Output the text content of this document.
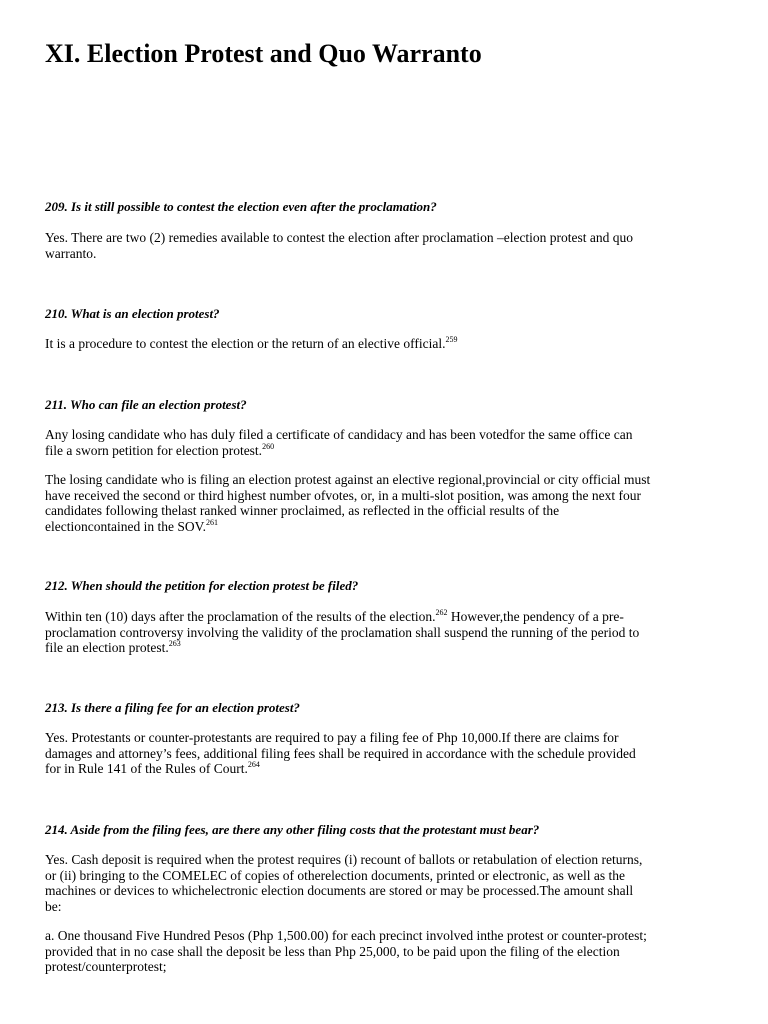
XI. Election Protest and Quo Warranto

209. Is it still possible to contest the election even after the proclamation?

Yes. There are two (2) remedies available to contest the election after proclamation –election protest and quo
warranto.

210. What is an election protest?

It is a procedure to contest the election or the return of an elective official.$^{259}$

211. Who can file an election protest?

Any losing candidate who has duly filed a certificate of candidacy and has been votedfor the same office can
file a sworn petition for election protest.$^{260}$

The losing candidate who is filing an election protest against an elective regional,provincial or city official must
have received the second or third highest number ofvotes, or, in a multi-slot position, was among the next four
candidates following thelast ranked winner proclaimed, as reflected in the official results of the
electioncontained in the SOV.$^{261}$

212. When should the petition for election protest be filed?

Within ten (10) days after the proclamation of the results of the election.$^{262}$ However,the pendency of a pre-
proclamation controversy involving the validity of the proclamation shall suspend the running of the period to
file an election protest.$^{263}$

213. Is there a filing fee for an election protest?

Yes. Protestants or counter-protestants are required to pay a filing fee of Php 10,000.If there are claims for
damages and attorney’s fees, additional filing fees shall be required in accordance with the schedule provided
for in Rule 141 of the Rules of Court.$^{264}$

214. Aside from the filing fees, are there any other filing costs that the protestant must bear?

Yes. Cash deposit is required when the protest requires (i) recount of ballots or retabulation of election returns,
or (ii) bringing to the COMELEC of copies of otherelection documents, printed or electronic, as well as the
machines or devices to whichelectronic election documents are stored or may be processed.The amount shall
be:

a. One thousand Five Hundred Pesos (Php 1,500.00) for each precinct involved inthe protest or counter-protest;
provided that in no case shall the deposit be less than Php 25,000, to be paid upon the filing of the election
protest/counterprotest;
